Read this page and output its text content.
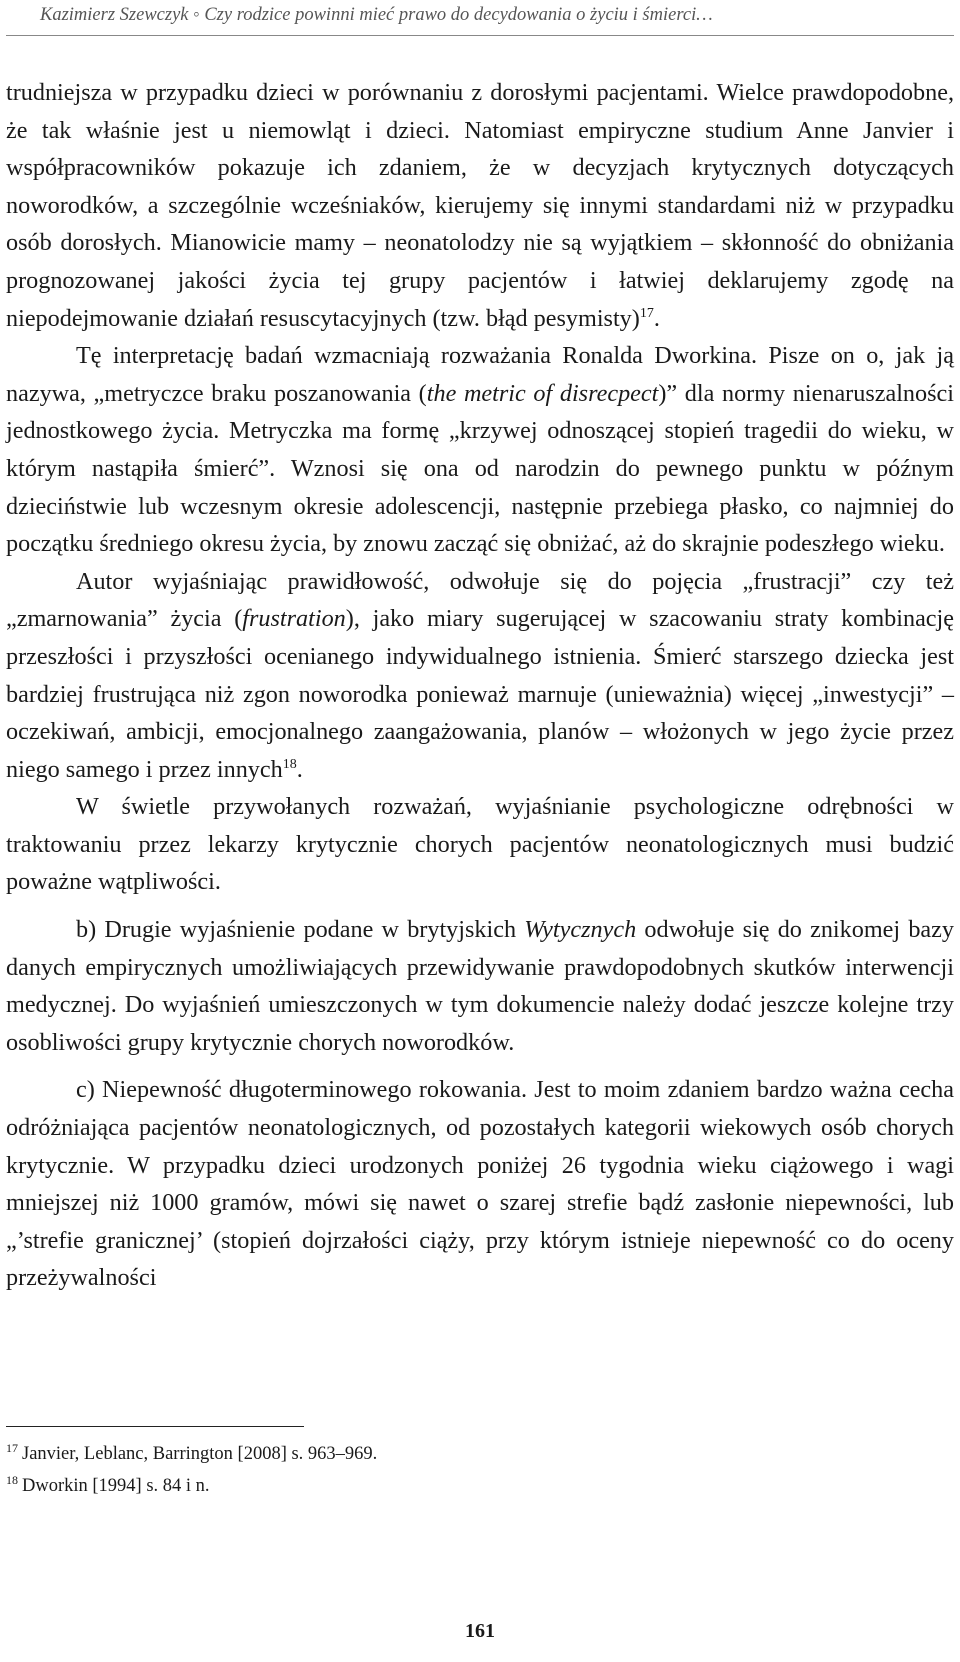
Kazimierz Szewczyk ◦ Czy rodzice powinni mieć prawo do decydowania o życiu i śmierci…

trudniejsza w przypadku dzieci w porównaniu z dorosłymi pacjentami. Wielce prawdopodobne, że tak właśnie jest u niemowląt i dzieci. Natomiast empiryczne studium Anne Janvier i współpracowników pokazuje ich zdaniem, że w decyzjach krytycznych dotyczących noworodków, a szczególnie wcześniaków, kierujemy się innymi standardami niż w przypadku osób dorosłych. Mianowicie mamy – neonatolodzy nie są wyjątkiem – skłonność do obniżania prognozowanej jakości życia tej grupy pacjentów i łatwiej deklarujemy zgodę na niepodejmowanie działań resuscytacyjnych (tzw. błąd pesymisty)$^{17}$.

Tę interpretację badań wzmacniają rozważania Ronalda Dworkina. Pisze on o, jak ją nazywa, „metryczce braku poszanowania (the metric of disrecpect)” dla normy nienaruszalności jednostkowego życia. Metryczka ma formę „krzywej odnoszącej stopień tragedii do wieku, w którym nastąpiła śmierć”. Wznosi się ona od narodzin do pewnego punktu w późnym dzieciństwie lub wczesnym okresie adolescencji, następnie przebiega płasko, co najmniej do początku średniego okresu życia, by znowu zacząć się obniżać, aż do skrajnie podeszłego wieku.

Autor wyjaśniając prawidłowość, odwołuje się do pojęcia „frustracji” czy też „zmarnowania” życia (frustration), jako miary sugerującej w szacowaniu straty kombinację przeszłości i przyszłości ocenianego indywidualnego istnienia. Śmierć starszego dziecka jest bardziej frustrująca niż zgon noworodka ponieważ marnuje (unieważnia) więcej „inwestycji” – oczekiwań, ambicji, emocjonalnego zaangażowania, planów – włożonych w jego życie przez niego samego i przez innych$^{18}$.

W świetle przywołanych rozważań, wyjaśnianie psychologiczne odrębności w traktowaniu przez lekarzy krytycznie chorych pacjentów neonatologicznych musi budzić poważne wątpliwości.

b) Drugie wyjaśnienie podane w brytyjskich Wytycznych odwołuje się do znikomej bazy danych empirycznych umożliwiających przewidywanie prawdopodobnych skutków interwencji medycznej. Do wyjaśnień umieszczonych w tym dokumencie należy dodać jeszcze kolejne trzy osobliwości grupy krytycznie chorych noworodków.

c) Niepewność długoterminowego rokowania. Jest to moim zdaniem bardzo ważna cecha odróżniająca pacjentów neonatologicznych, od pozostałych kategorii wiekowych osób chorych krytycznie. W przypadku dzieci urodzonych poniżej 26 tygodnia wieku ciążowego i wagi mniejszej niż 1000 gramów, mówi się nawet o szarej strefie bądź zasłonie niepewności, lub „’strefie granicznej’ (stopień dojrzałości ciąży, przy którym istnieje niepewność co do oceny przeżywalności

$^{17}$ Janvier, Leblanc, Barrington [2008] s. 963–969.
$^{18}$ Dworkin [1994] s. 84 i n.
161
